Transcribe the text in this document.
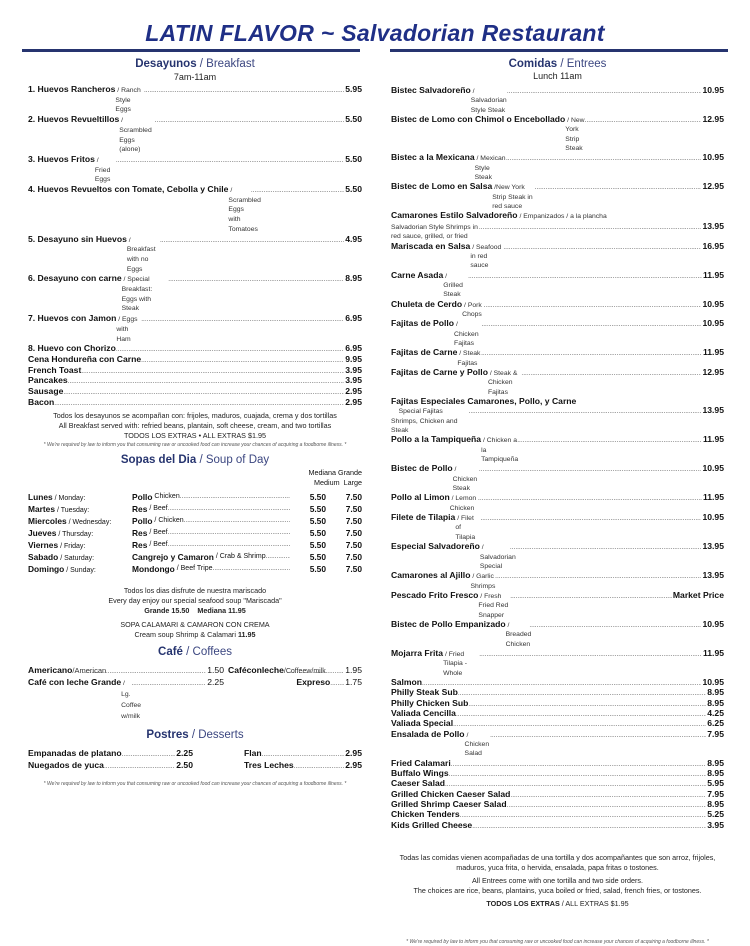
LATIN FLAVOR ~ Salvadorian Restaurant
Desayunos / Breakfast
7am-11am
1. Huevos Rancheros / Ranch Style Eggs
.....
5.95
2. Huevos Revueltillos / Scrambled Eggs (alone)
.....
5.50
3. Huevos Fritos / Fried Eggs
.....
5.50
4. Huevos Revueltos con Tomate, Cebolla y Chile / Scrambled Eggs with Tomatoes
.....
5.50
5. Desayuno sin Huevos / Breakfast with no Eggs
.....
4.95
6. Desayuno con carne / Special Breakfast: Eggs with Steak
.....
8.95
7. Huevos con Jamon / Eggs with Ham
.....
6.95
8. Huevo con Chorizo .....	6.95
Cena Hondureña con Carne .....	9.95
French Toast .....	3.95
Pancakes .....	3.95
Sausage .....	2.95
Bacon .....	2.95
Todos los desayunos se acompañan con: frijoles, maduros, cuajada, crema y dos tortillas
All Breakfast served with: refried beans, plantain, soft cheese, cream, and two tortillas
TODOS LOS EXTRAS • ALL EXTRAS $1.95
* We're required by law to inform you that consuming raw or uncooked food can increase your chances of acquiring a foodborne illness. *
Sopas del Dia / Soup of Day
Mediana Grande
Medium  Large
Lunes / Monday:	Pollo Chicken .....	5.50	7.50
Martes / Tuesday:	Res / Beef .....	5.50	7.50
Miercoles / Wednesday:	Pollo / Chicken .....	5.50	7.50
Jueves / Thursday:	Res / Beef .....	5.50	7.50
Viernes / Friday:	Res / Beef .....	5.50	7.50
Sabado / Saturday:	Cangrejo y Camaron / Crab & Shrimp .....	5.50	7.50
Domingo / Sunday:	Mondongo / Beef Tripe .....	5.50	7.50
Todos los dias disfrute de nuestra mariscado
Every day enjoy our special seafood soup "Mariscada"
Grande 15.50    Mediana 11.95
SOPA CALAMARI & CAMARON CON CREMA
Cream soup Shrimp & Calamari 11.95
Café / Coffees
Americano /American .....	1.50
Café con leche Grande / Lg. Coffee w/milk
.....
2.25
Caféconleche /Coffeew/milk ..... 1.95
Expreso ..... 1.75
Postres / Desserts
Empanadas de platano .....	2.25
Nuegados de yuca .....	2.50
Flan .....	2.95
Tres Leches .....	2.95
* We're required by law to inform you that consuming raw or uncooked food can increase your chances of acquiring a foodborne illness. *
Comidas / Entrees
Lunch 11am
Bistec Salvadoreño / Salvadorian Style Steak
.....
10.95
Bistec de Lomo con Chimol o Encebollado / New York Strip Steak
.....
12.95
Bistec a la Mexicana / Mexican Style Steak
.....
10.95
Bistec de Lomo en Salsa /New York Strip Steak in red sauce
.....
12.95
Camarones Estilo Salvadoreño / Empanizados / a la plancha
Salvadorian Style Shrimps in red sauce, grilled, or fried
.....
13.95
Mariscada en Salsa / Seafood in red sauce
.....
16.95
Carne Asada / Grilled Steak
.....
11.95
Chuleta de Cerdo / Pork Chops
.....
10.95
Fajitas de Pollo / Chicken Fajitas
.....
10.95
Fajitas de Carne / Steak Fajitas
.....
11.95
Fajitas de Carne y Pollo / Steak & Chicken Fajitas
.....
12.95
Fajitas Especiales Camarones, Pollo, y Carne
Special Fajitas Shrimps, Chicken and Steak
.....
13.95
Pollo a la Tampiqueña / Chicken a la Tampiqueña
.....
11.95
Bistec de Pollo / Chicken Steak
.....
10.95
Pollo al Limon / Lemon Chicken
.....
11.95
Filete de Tilapia / Filet of Tilapia
.....
10.95
Especial Salvadoreño / Salvadorian Special
.....
13.95
Camarones al Ajillo / Garlic Shrimps
.....
13.95
Pescado Frito Fresco / Fresh Fried Red Snapper
.....
Market Price
Bistec de Pollo Empanizado / Breaded Chicken
.....
10.95
Mojarra Frita / Fried Tilapia - Whole
.....
11.95
Salmon .....	10.95
Philly Steak Sub .....	8.95
Philly Chicken Sub .....	8.95
Valiada Cencilla .....	4.25
Valiada Special .....	6.25
Ensalada de Pollo / Chicken Salad
.....
7.95
Fried Calamari .....	8.95
Buffalo Wings .....	8.95
Caeser Salad .....	5.95
Grilled Chicken Caeser Salad .....	7.95
Grilled Shrimp Caeser Salad .....	8.95
Chicken Tenders .....	5.25
Kids Grilled Cheese .....	3.95
Todas las comidas vienen acompañadas de una tortilla y dos acompañantes que son arroz, frijoles, maduros, yuca frita, o hervida, ensalada, papa fritas o tostones.
All Entrees come with one tortilla and two side orders.
The choices are rice, beans, plantains, yuca boiled or fried, salad, french fries, or tostones.
TODOS LOS EXTRAS / ALL EXTRAS $1.95
* We're required by law to inform you that consuming raw or uncooked food can increase your chances of acquiring a foodborne illness. *
